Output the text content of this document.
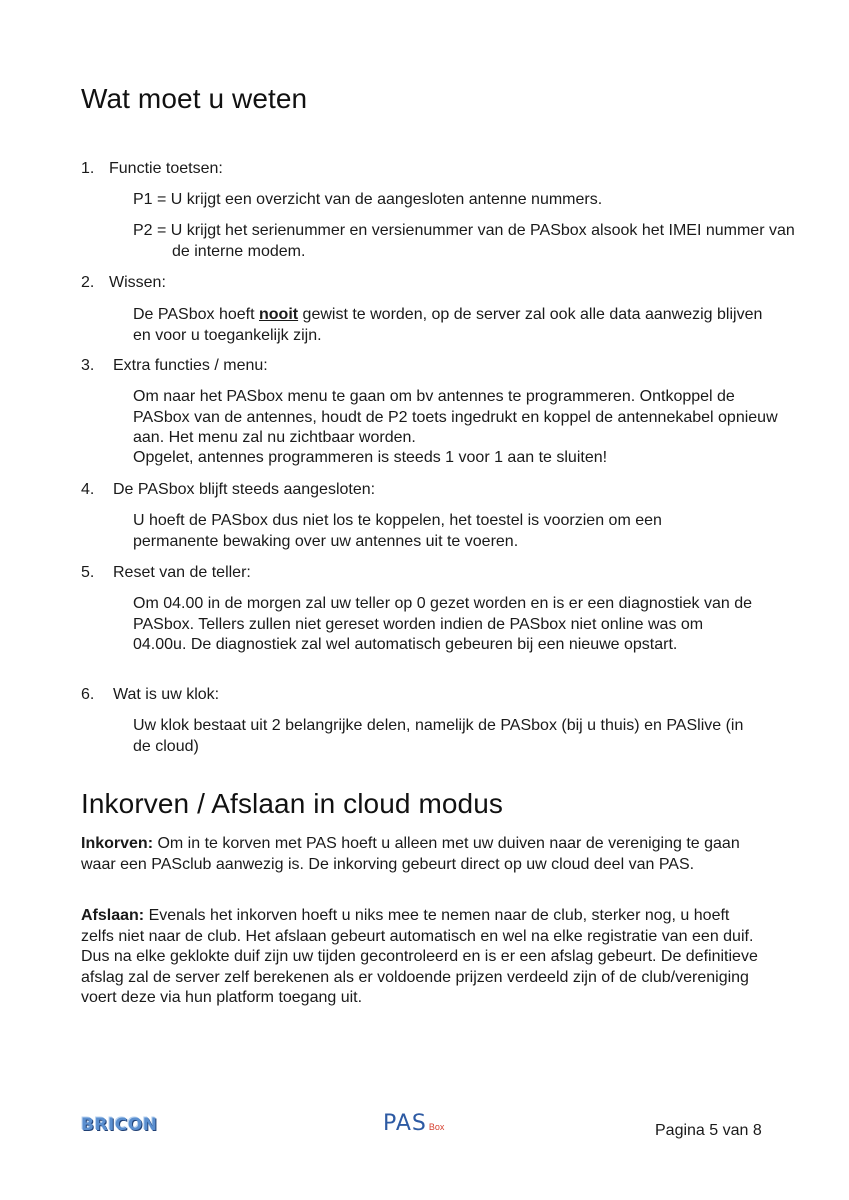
Wat moet u weten
1. Functie toetsen:

P1 = U krijgt een overzicht van de aangesloten antenne nummers.

P2 = U krijgt het serienummer en versienummer van de PASbox alsook het IMEI nummer van de interne modem.

2. Wissen:

De PASbox hoeft nooit gewist te worden, op de server zal ook alle data aanwezig blijven en voor u toegankelijk zijn.

3. Extra functies / menu:

Om naar het PASbox menu te gaan om bv antennes te programmeren. Ontkoppel de PASbox van de antennes, houdt de P2 toets ingedrukt en koppel de antennekabel opnieuw aan. Het menu zal nu zichtbaar worden.

Opgelet, antennes programmeren is steeds 1 voor 1 aan te sluiten!

4. De PASbox blijft steeds aangesloten:

U hoeft de PASbox dus niet los te koppelen, het toestel is voorzien om een permanente bewaking over uw antennes uit te voeren.

5. Reset van de teller:

Om 04.00 in de morgen zal uw teller op 0 gezet worden en is er een diagnostiek van de PASbox. Tellers zullen niet gereset worden indien de PASbox niet online was om 04.00u. De diagnostiek zal wel automatisch gebeuren bij een nieuwe opstart.

6. Wat is uw klok:

Uw klok bestaat uit 2 belangrijke delen, namelijk de PASbox (bij u thuis) en PASlive (in de cloud)

Inkorven / Afslaan in cloud modus

Inkorven: Om in te korven met PAS hoeft u alleen met uw duiven naar de vereniging te gaan waar een PASclub aanwezig is. De inkorving gebeurt direct op uw cloud deel van PAS.

Afslaan: Evenals het inkorven hoeft u niks mee te nemen naar de club, sterker nog, u hoeft zelfs niet naar de club. Het afslaan gebeurt automatisch en wel na elke registratie van een duif. Dus na elke geklokte duif zijn uw tijden gecontroleerd en is er een afslag gebeurt. De definitieve afslag zal de server zelf berekenen als er voldoende prijzen verdeeld zijn of de club/vereniging voert deze via hun platform toegang uit.

BRICON	PAS Box	Pagina 5 van 8
